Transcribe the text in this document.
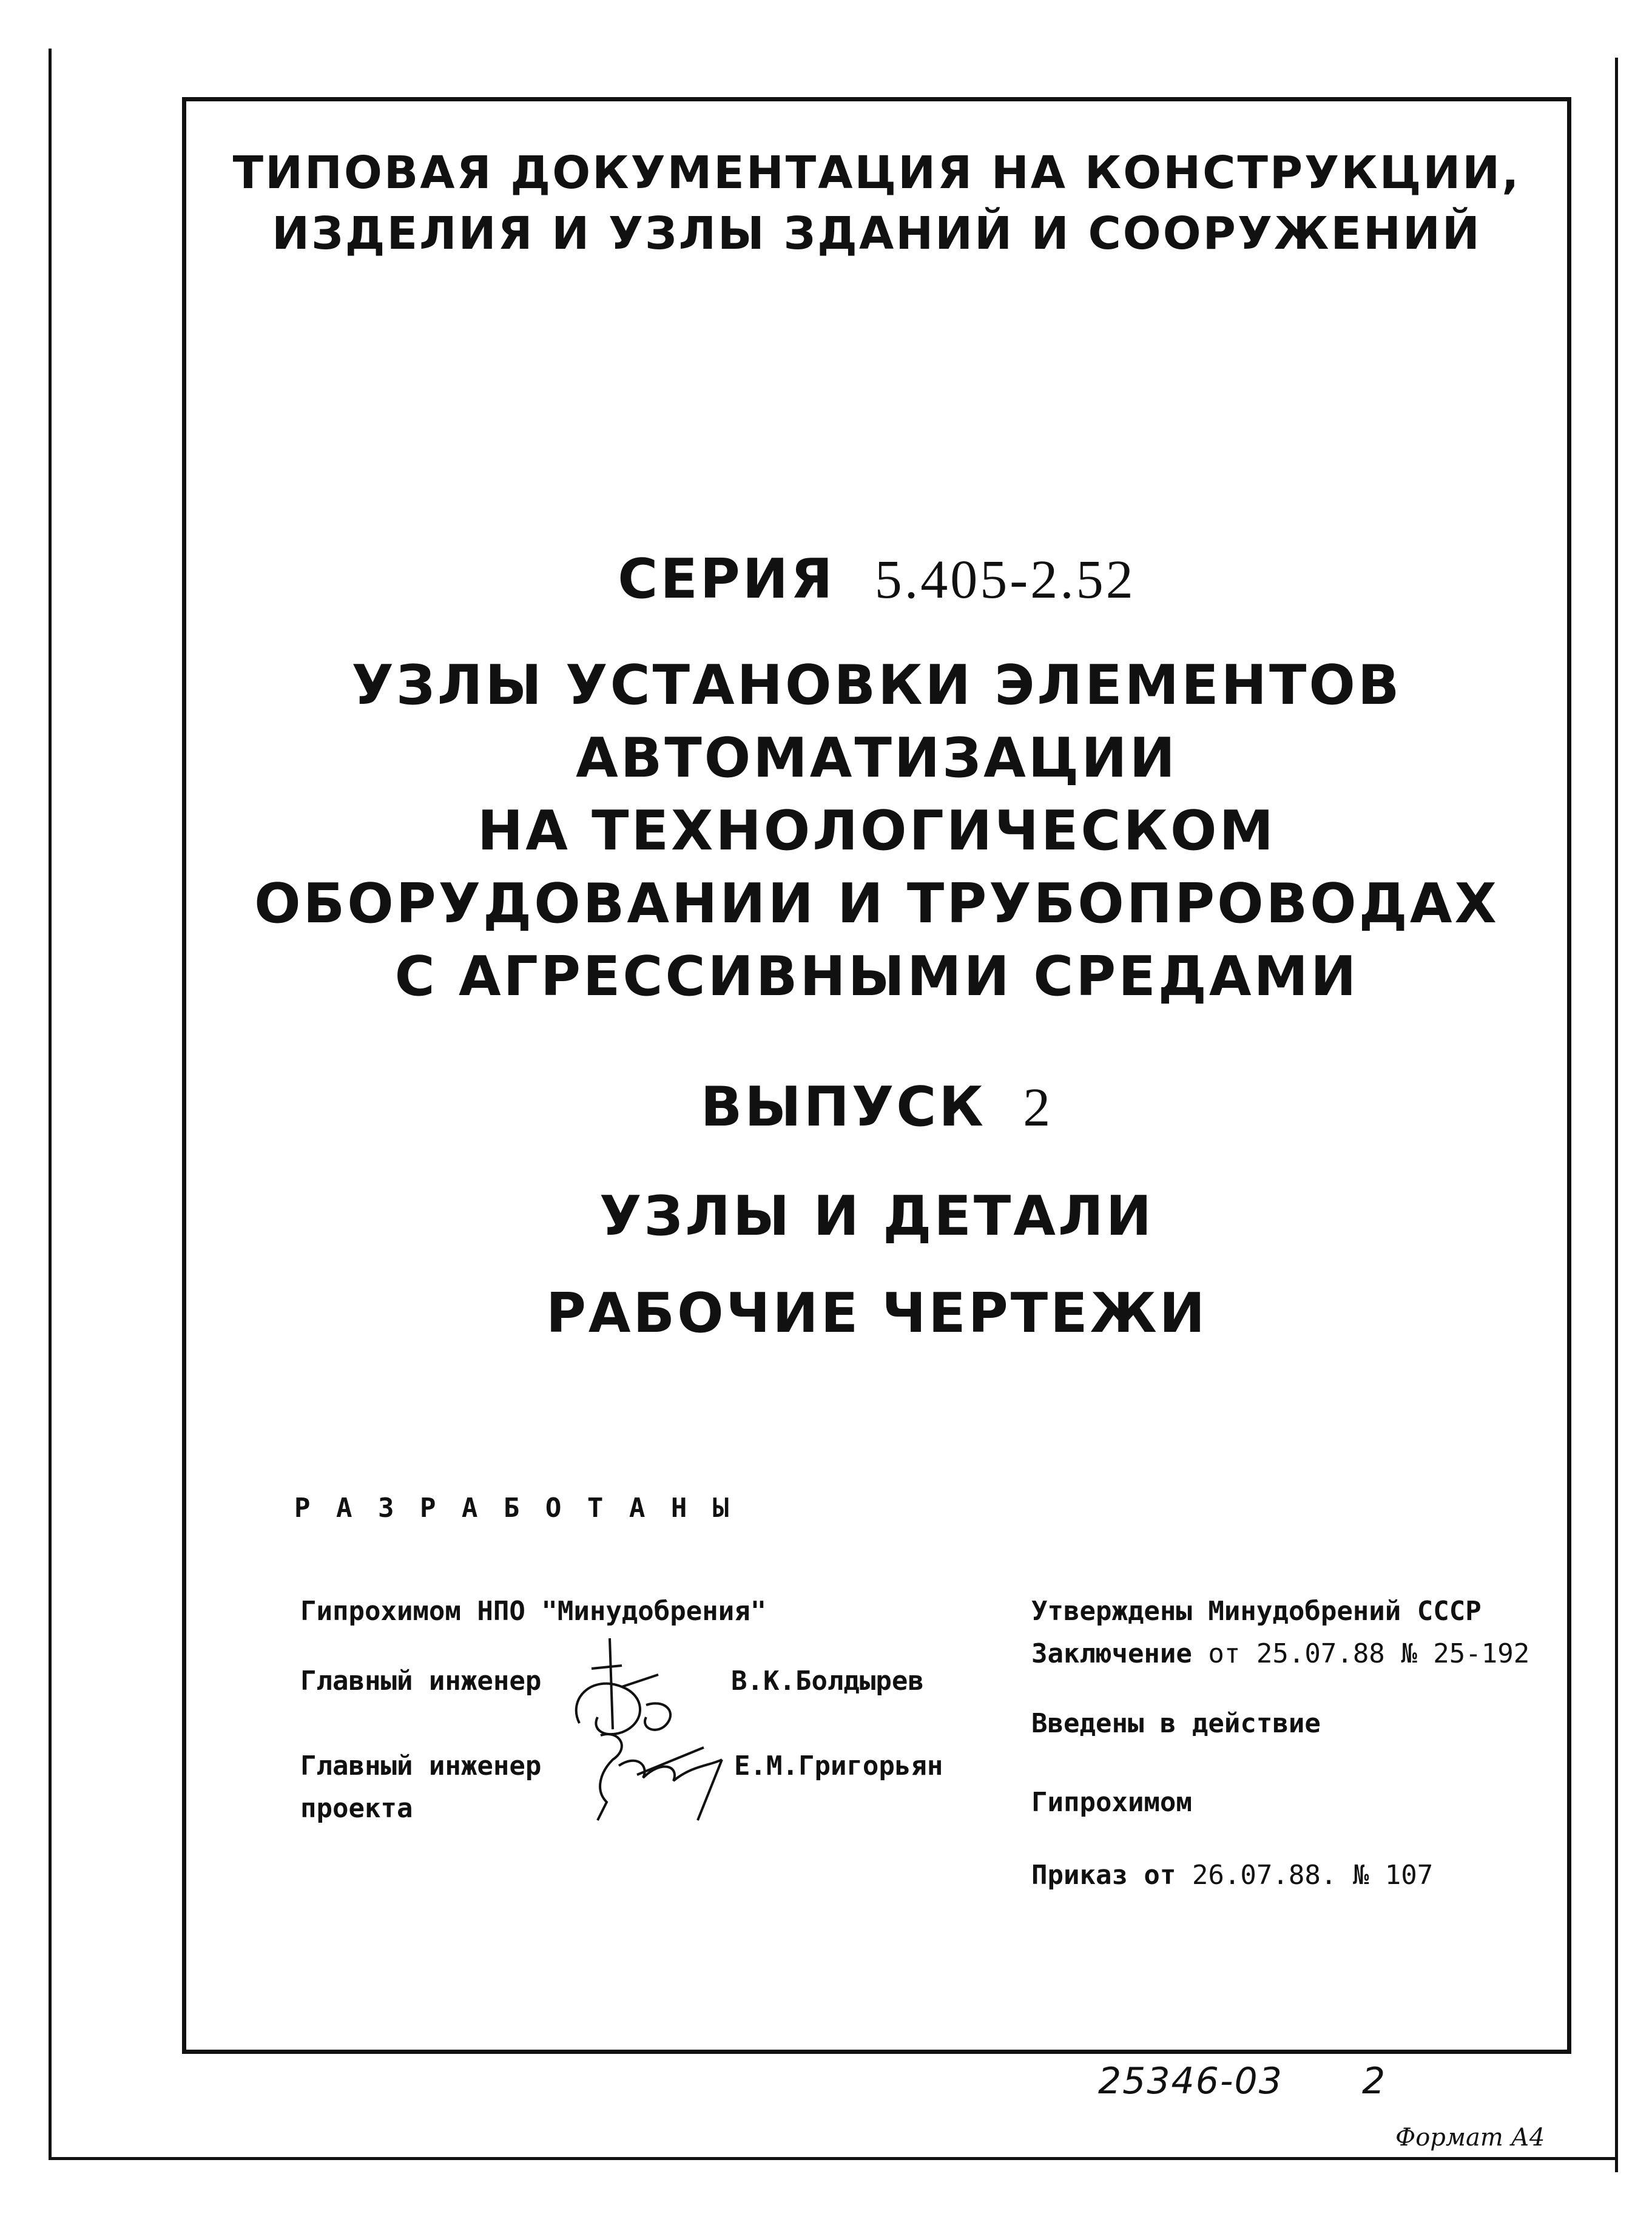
ТИПОВАЯ ДОКУМЕНТАЦИЯ НА КОНСТРУКЦИИ,
ИЗДЕЛИЯ И УЗЛЫ ЗДАНИЙ И СООРУЖЕНИЙ
СЕРИЯ 5.405-2.52
УЗЛЫ УСТАНОВКИ ЭЛЕМЕНТОВ
АВТОМАТИЗАЦИИ
НА ТЕХНОЛОГИЧЕСКОМ
ОБОРУДОВАНИИ И ТРУБОПРОВОДАХ
С АГРЕССИВНЫМИ СРЕДАМИ
ВЫПУСК 2
УЗЛЫ И ДЕТАЛИ
РАБОЧИЕ ЧЕРТЕЖИ
Р А З Р А Б О Т А Н Ы
Гипрохимом НПО "Минудобрения"
Главный инженер	В.К.Болдырев
Главный инженер
проекта
Е.М.Григорьян
Утверждены Минудобрений СССР
Заключение от 25.07.88 № 25-192
Введены в действие
Гипрохимом
Приказ от 26.07.88. № 107
25346-03 2
Формат А4
